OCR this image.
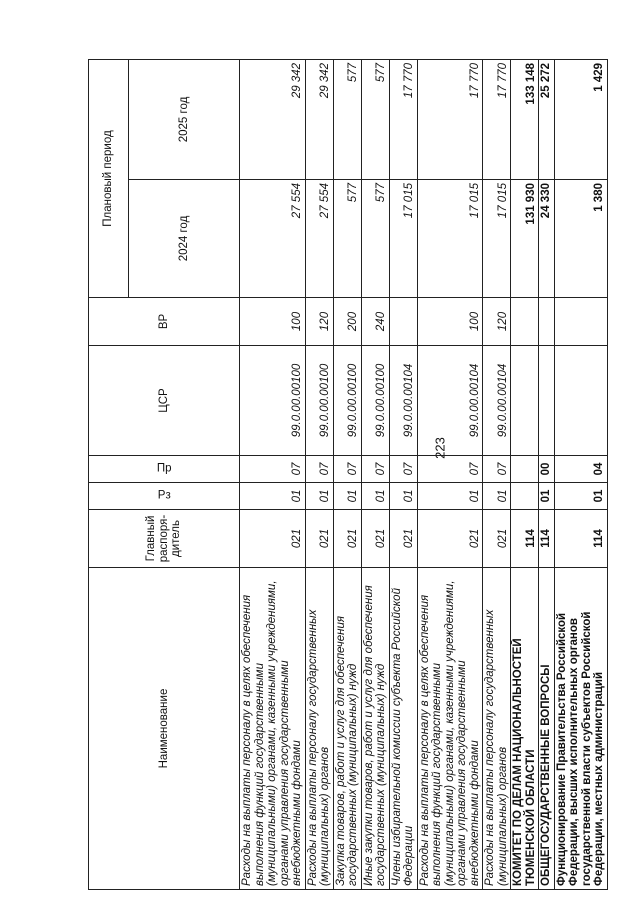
223
Наименование	Главный распоря-дитель	Рз	Пр	ЦСР	ВР	Плановый период	
						2024 год	2025 год
Расходы на выплаты персоналу в целях обеспечения выполнения функций государственными (муниципальными) органами, казенными учреждениями, органами управления государственными внебюджетными фондами	021	01	07	99.0.00.00100	100	27 554	29 342
Расходы на выплаты персоналу государственных (муниципальных) органов	021	01	07	99.0.00.00100	120	27 554	29 342
Закупка товаров, работ и услуг для обеспечения государственных (муниципальных) нужд	021	01	07	99.0.00.00100	200	577	577
Иные закупки товаров, работ и услуг для обеспечения государственных (муниципальных) нужд	021	01	07	99.0.00.00100	240	577	577
Члены избирательной комиссии субъекта Российской Федерации	021	01	07	99.0.00.00104		17 015	17 770
Расходы на выплаты персоналу в целях обеспечения выполнения функций государственными (муниципальными) органами, казенными учреждениями, органами управления государственными внебюджетными фондами	021	01	07	99.0.00.00104	100	17 015	17 770
Расходы на выплаты персоналу государственных (муниципальных) органов	021	01	07	99.0.00.00104	120	17 015	17 770
КОМИТЕТ ПО ДЕЛАМ НАЦИОНАЛЬНОСТЕЙ ТЮМЕНСКОЙ ОБЛАСТИ	114					131 930	133 148
ОБЩЕГОСУДАРСТВЕННЫЕ ВОПРОСЫ	114	01	00			24 330	25 272
Функционирование Правительства Российской Федерации, высших исполнительных органов государственной власти субъектов Российской Федерации, местных администраций	114	01	04			1 380	1 429
